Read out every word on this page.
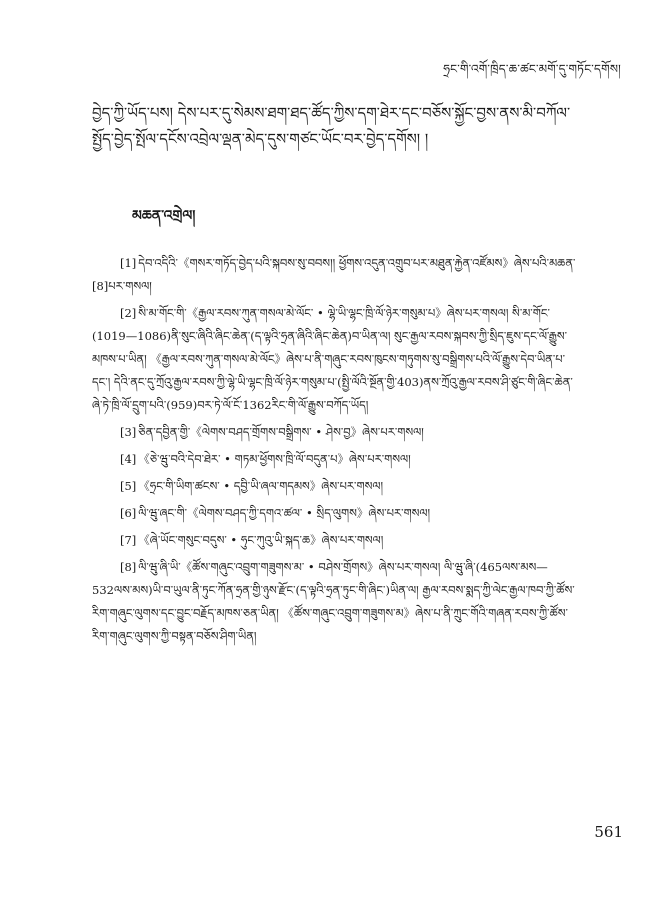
ཧྲང་གི་འགོ་ཁྲིད་ཆ་ཚང་མགོ་དུ་གཏོང་དགོས།
བྱེད་ཀྱི་ཡོད་པས། དེས་པར་དུ་སེམས་ཐག་ཐད་ཚོད་ཀྱིས་དག་ཐེར་དང་བཅོས་སྐྱོང་བྱས་ནས་མི་བཀོལ་སྤྱོད་བྱེད་སྤོལ་དངོས་འབྲེལ་ལྡན་མེད་དུས་གཙང་ཡོང་བར་བྱེད་དགོས། །
མཆན་འགྲེལ།
[1] དེབ་འདིའི་《གསར་གཏོད་བྱེད་པའི་སྐབས་སུ་བབས།། ཕྱོགས་འདུན་འགྲུབ་པར་མཐུན་རྐྱེན་འཛོམས》ཞེས་པའི་མཆན་[8]པར་གསལ།
[2] སི་མ་གོང་གི་《རྒྱལ་རབས་ཀུན་གསལ་མེ་ལོང་ • ལྷེ་ཡི་ལྷང་ཁྲི་ལོ་ཉེར་གསུམ་པ》ཞེས་པར་གསལ། སི་མ་གོང་(1019—1086)ནི་སུང་ཞིའི་ཞིང་ཆེན་(ད་ལྟའི་ཧྲན་ཞིའི་ཞིང་ཆེན)བ་ཡིན་ལ། སུང་རྒྱལ་རབས་སྐབས་ཀྱི་སྲིད་ཇུས་དང་ལོ་རྒྱུས་མཁས་པ་ཡིན། 《རྒྱལ་རབས་ཀུན་གསལ་མེ་ལོང》ཞེས་པ་ནི་གཞུང་རབས་ཁུངས་གཏུགས་སུ་བསྒྲིགས་པའི་ལོ་རྒྱུས་དེབ་ཡིན་པ་དང་། དེའི་ནང་དུ་ཀྲོའུ་རྒྱལ་རབས་ཀྱི་ལྷེ་ཡི་ལྷང་ཁྲི་ལོ་ཉེར་གསུམ་པ་(སྤྱི་ལོའི་སྔོན་གྱི་403)ནས་ཀྲོའུ་རྒྱལ་རབས་ཤི་ཙུང་གི་ཞིང་ཆེན་ཞེ་ཏེ་ཁྲི་ལོ་དྲུག་པའི་(959)བར་ཏེ་ལོ་ངོ་1362རིང་གི་ལོ་རྒྱུས་བཀོད་ཡོད།
[3] ཅིན་དབྱིན་གྱི་《ལེགས་བཤད་གྲོགས་བསྒྲིགས་ • ཤེས་བྱ》ཞེས་པར་གསལ།
[4] 《ཅེ་ཝུ་བའི་དེབ་ཐེར་ • གཏམ་ཕྱོགས་ཁྲི་ལོ་བདུན་པ》ཞེས་པར་གསལ།
[5] 《ཧྲང་གི་ཡིག་ཚངས་ • དབྱི་ཡི་ཞལ་གདམས》ཞེས་པར་གསལ།
[6] ལི་ཝུ་ཞང་གི་《ལེགས་བཤད་ཀྱི་དགའ་ཚལ་ • སྲིད་ལུགས》ཞེས་པར་གསལ།
[7] 《ཞེ་ཡོང་གསུང་བདུས་ • ཧུང་ཀུའུ་ཡི་སྐད་ཆ》ཞེས་པར་གསལ།
[8] ལི་ཝུ་ཞི་ཡི་《ཚོས་གཞུང་འབྲུག་གཟུགས་མ་ • བཤེས་གྲོགས》ཞེས་པར་གསལ། ལི་ཝུ་ཞི་(465ལས་མས—532ལས་མས)ཡི་བ་ཡུལ་ནི་ཏུང་ཀོན་ཧྲན་གྱི་ཉུས་རྫོང་(ད་ལྟའི་ཧྲན་ཏུང་གི་ཞིང་)ཡིན་ལ། རྒྱལ་རབས་སྨད་ཀྱི་ལེང་རྒྱལ་ཁབ་ཀྱི་ཚོས་རིག་གཞུང་ལུགས་དང་བྱུང་བརྗོད་མཁས་ཅན་ཡིན། 《ཚོས་གཞུང་འབྲུག་གཟུགས་མ》ཞེས་པ་ནི་ཀྲུང་གོའི་གཞན་རབས་ཀྱི་ཚོས་རིག་གཞུང་ལུགས་ཀྱི་བསྟན་བཅོས་ཤིག་ཡིན།
561
